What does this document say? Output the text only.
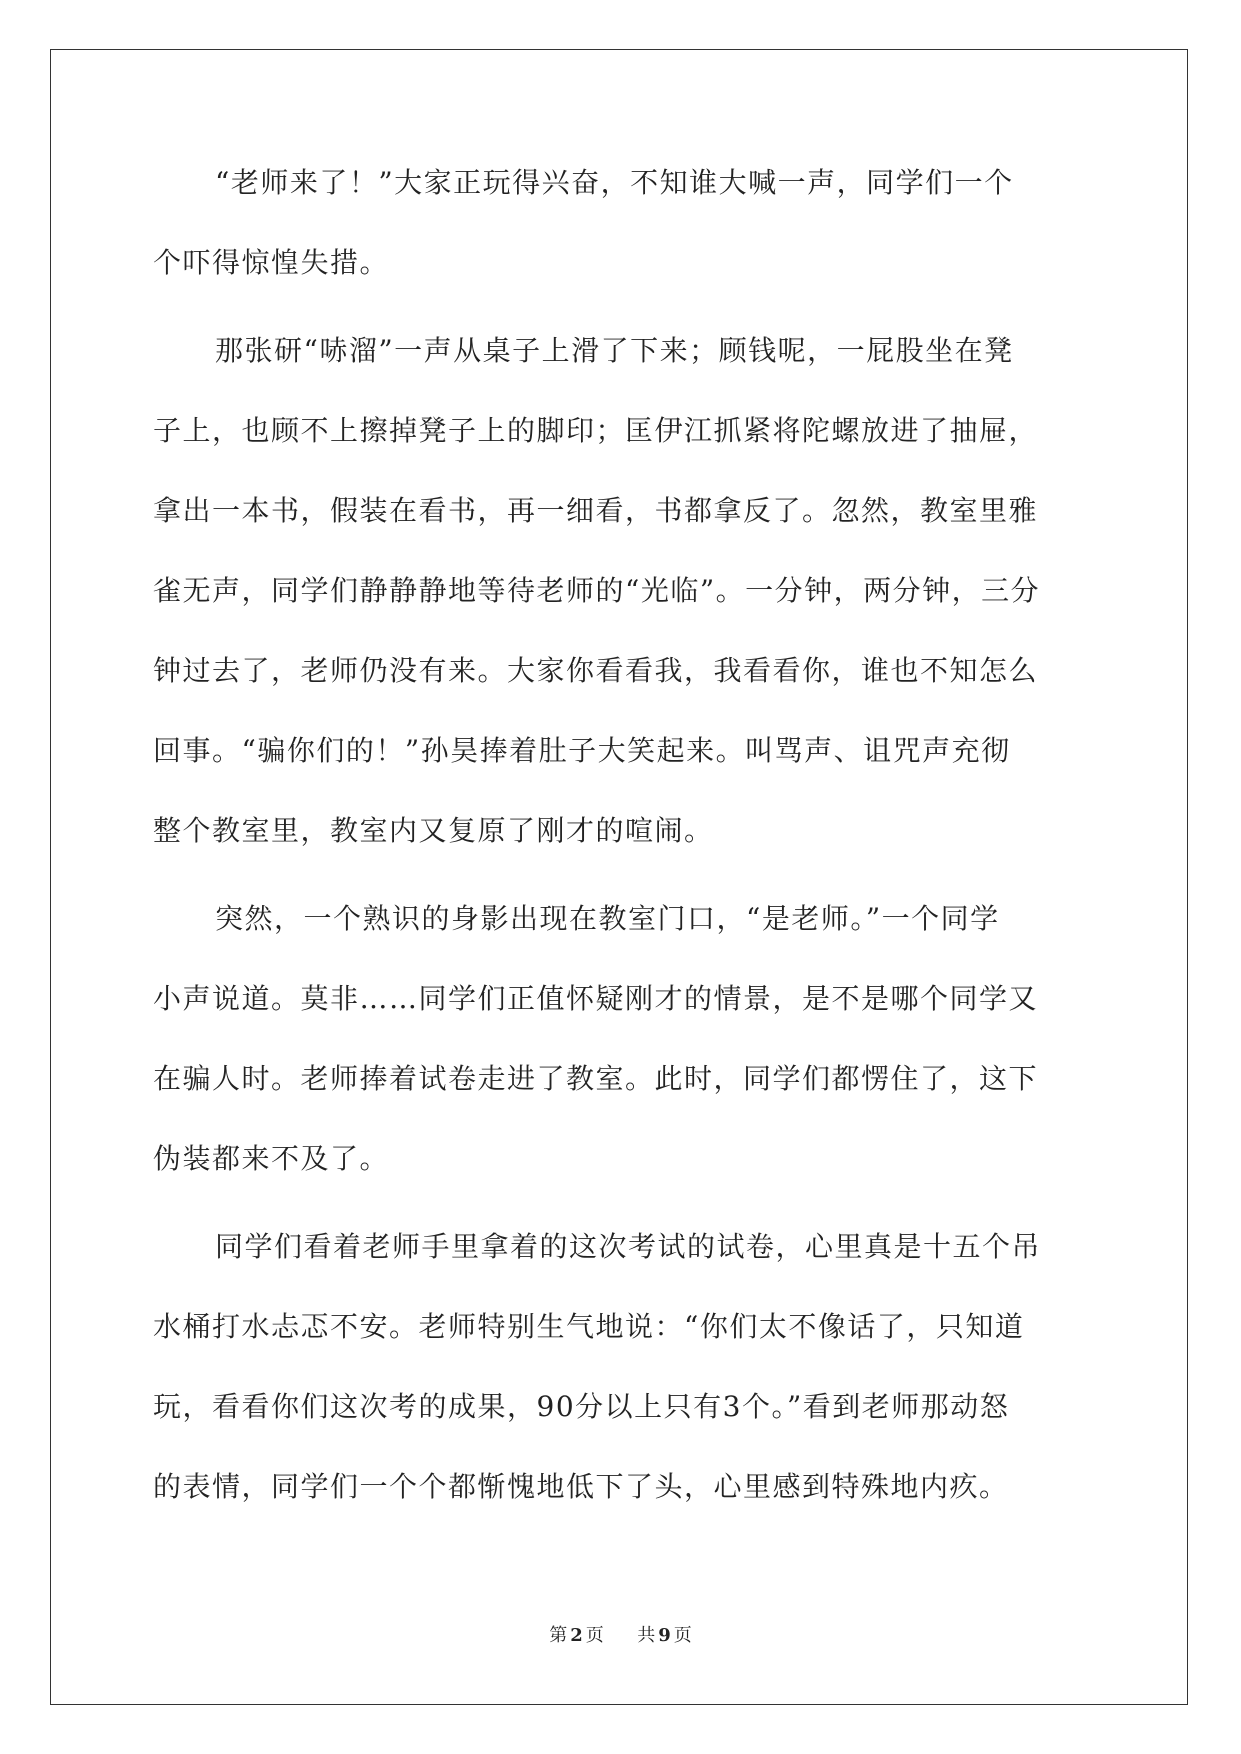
“老师来了！”大家正玩得兴奋，不知谁大喊一声，同学们一个
个吓得惊惶失措。
那张研“哧溜”一声从桌子上滑了下来；顾钱呢，一屁股坐在凳
子上，也顾不上擦掉凳子上的脚印；匡伊江抓紧将陀螺放进了抽屉，
拿出一本书，假装在看书，再一细看，书都拿反了。忽然，教室里雅
雀无声，同学们静静静地等待老师的“光临”。一分钟，两分钟，三分
钟过去了，老师仍没有来。大家你看看我，我看看你，谁也不知怎么
回事。“骗你们的！”孙昊捧着肚子大笑起来。叫骂声、诅咒声充彻
整个教室里，教室内又复原了刚才的喧闹。
突然，一个熟识的身影出现在教室门口，“是老师。”一个同学
小声说道。莫非……同学们正值怀疑刚才的情景，是不是哪个同学又
在骗人时。老师捧着试卷走进了教室。此时，同学们都愣住了，这下
伪装都来不及了。
同学们看着老师手里拿着的这次考试的试卷，心里真是十五个吊
水桶打水忐忑不安。老师特别生气地说：“你们太不像话了，只知道
玩，看看你们这次考的成果，90分以上只有3个。”看到老师那动怒
的表情，同学们一个个都惭愧地低下了头，心里感到特殊地内疚。
第 2 页 共 9 页
